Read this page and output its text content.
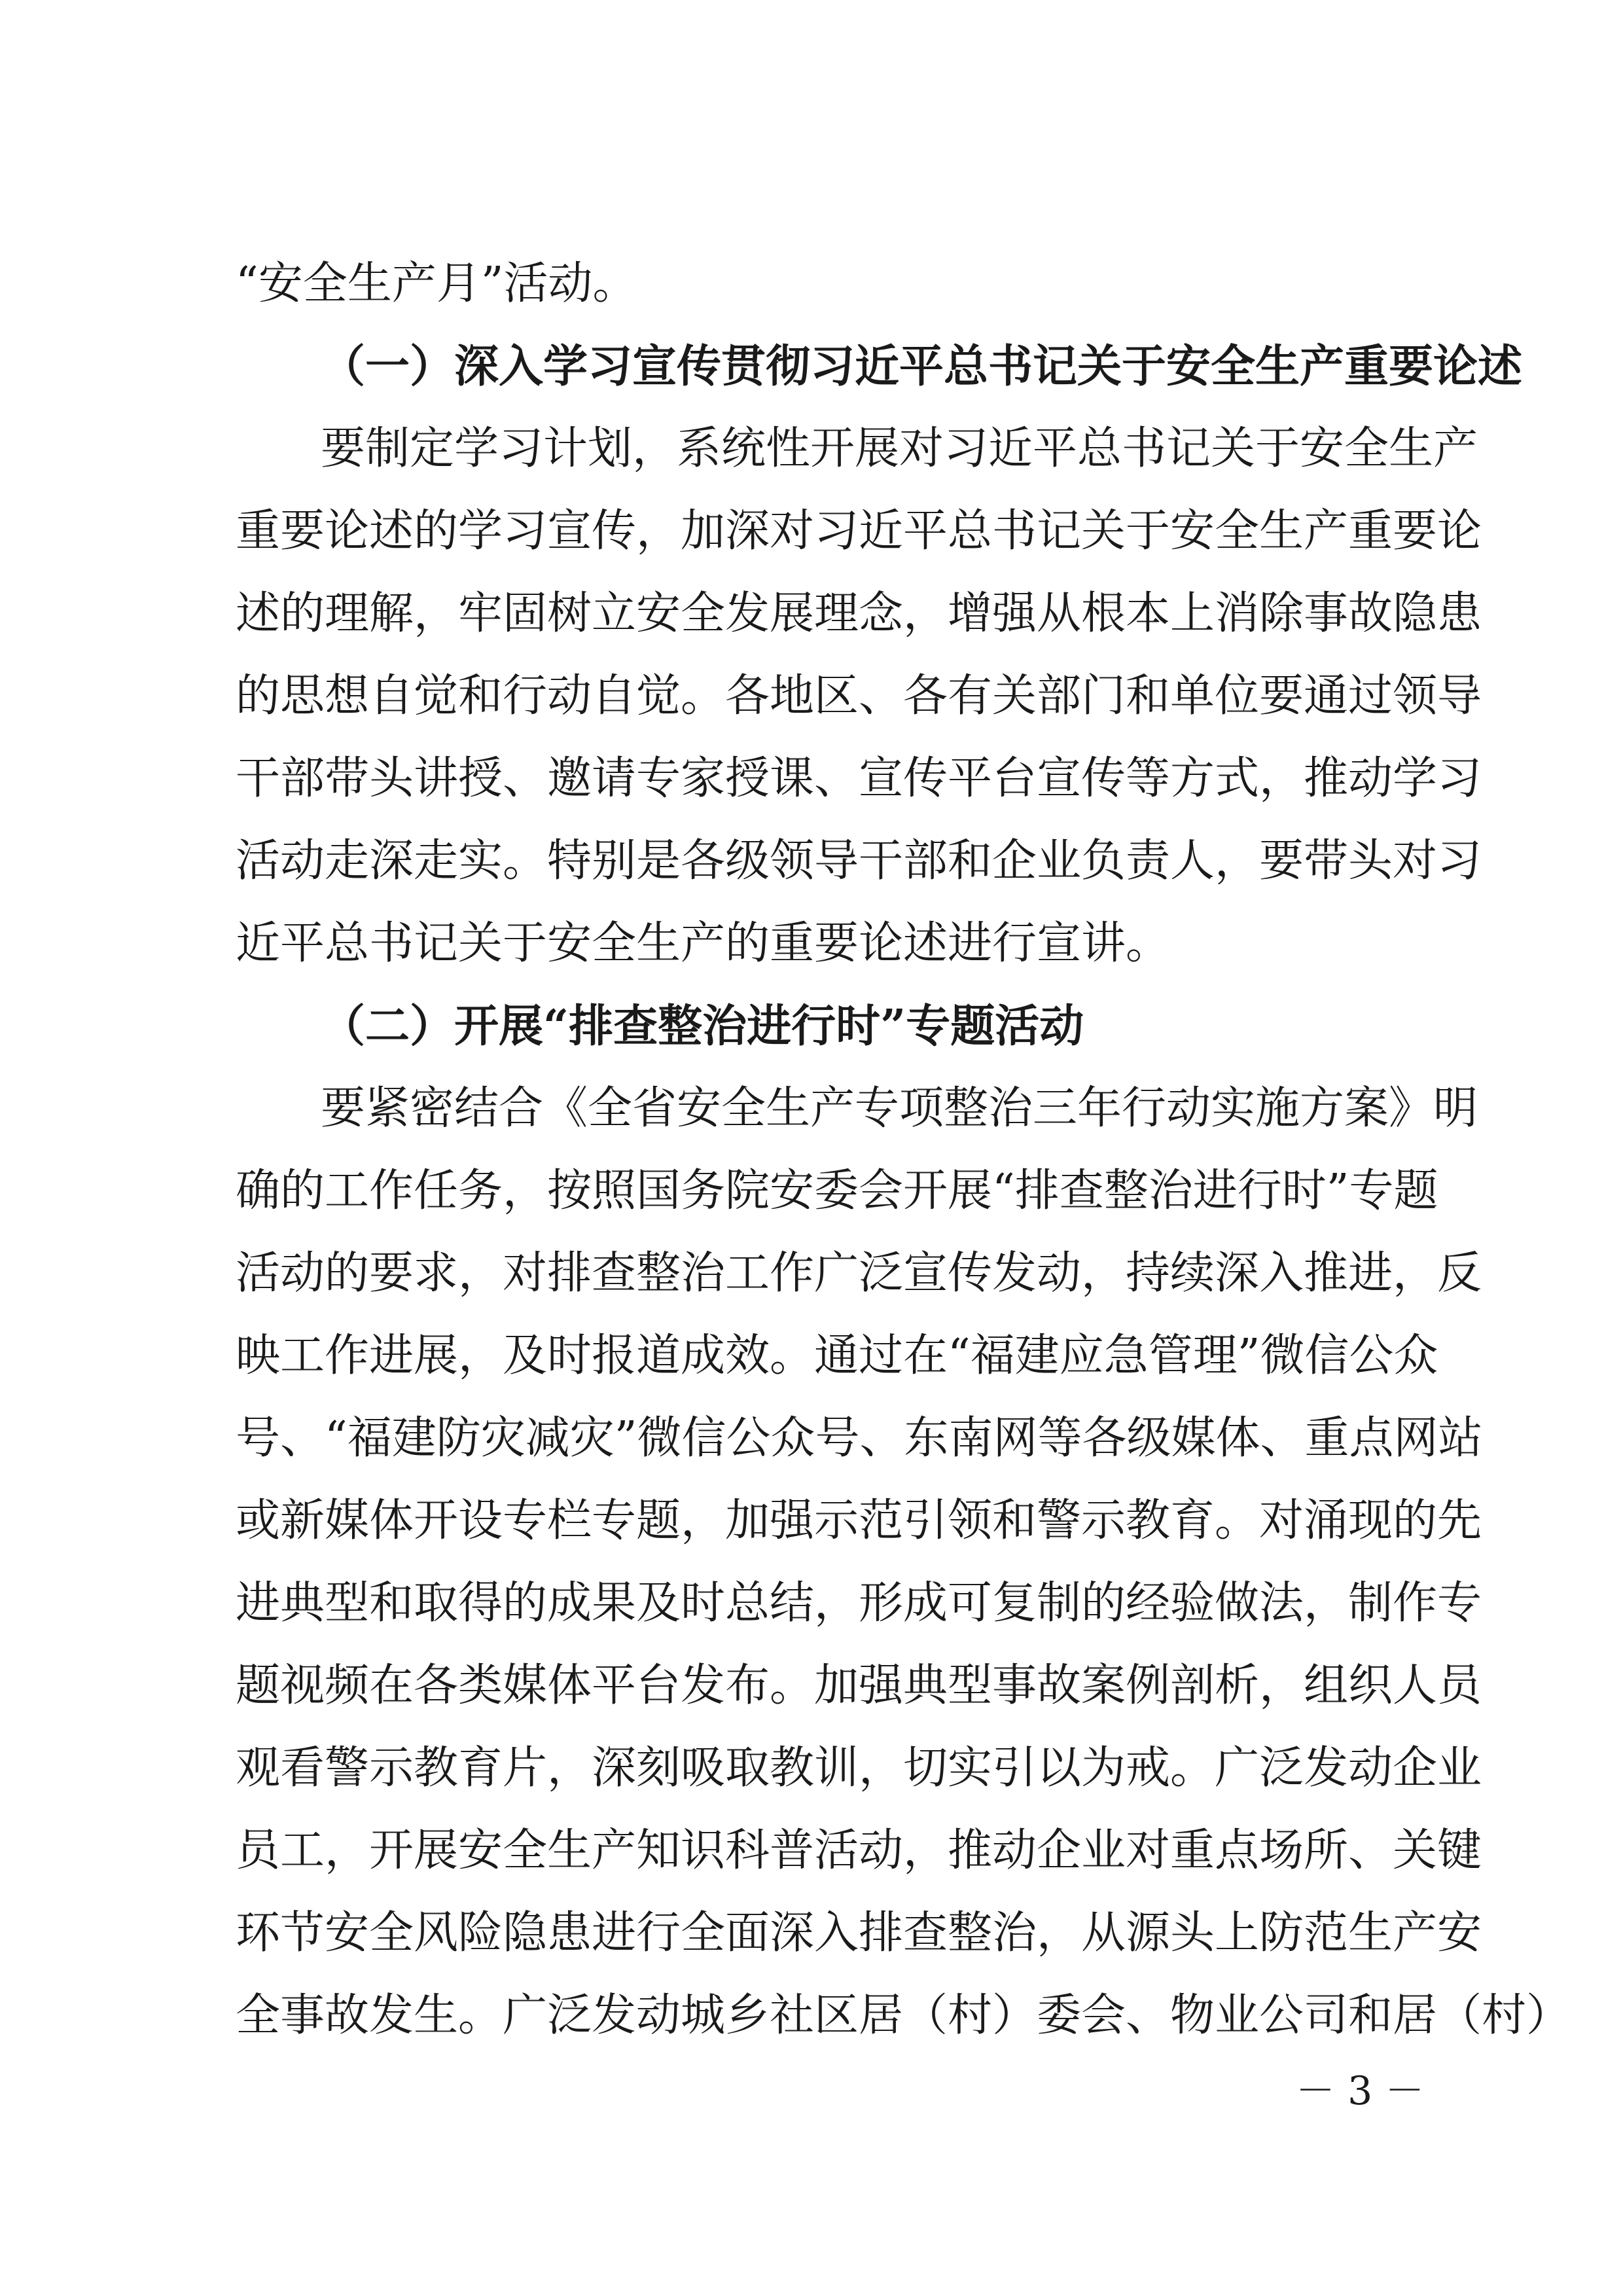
“安全生产月”活动。
（一）深入学习宣传贯彻习近平总书记关于安全生产重要论述
要制定学习计划，系统性开展对习近平总书记关于安全生产
重要论述的学习宣传，加深对习近平总书记关于安全生产重要论
述的理解，牢固树立安全发展理念，增强从根本上消除事故隐患
的思想自觉和行动自觉。各地区、各有关部门和单位要通过领导
干部带头讲授、邀请专家授课、宣传平台宣传等方式，推动学习
活动走深走实。特别是各级领导干部和企业负责人，要带头对习
近平总书记关于安全生产的重要论述进行宣讲。
（二）开展“排查整治进行时”专题活动
要紧密结合《全省安全生产专项整治三年行动实施方案》明
确的工作任务，按照国务院安委会开展“排查整治进行时”专题
活动的要求，对排查整治工作广泛宣传发动，持续深入推进，反
映工作进展，及时报道成效。通过在“福建应急管理”微信公众
号、“福建防灾减灾”微信公众号、东南网等各级媒体、重点网站
或新媒体开设专栏专题，加强示范引领和警示教育。对涌现的先
进典型和取得的成果及时总结，形成可复制的经验做法，制作专
题视频在各类媒体平台发布。加强典型事故案例剖析，组织人员
观看警示教育片，深刻吸取教训，切实引以为戒。广泛发动企业
员工，开展安全生产知识科普活动，推动企业对重点场所、关键
环节安全风险隐患进行全面深入排查整治，从源头上防范生产安
全事故发生。广泛发动城乡社区居（村）委会、物业公司和居（村）
－ 3 －
